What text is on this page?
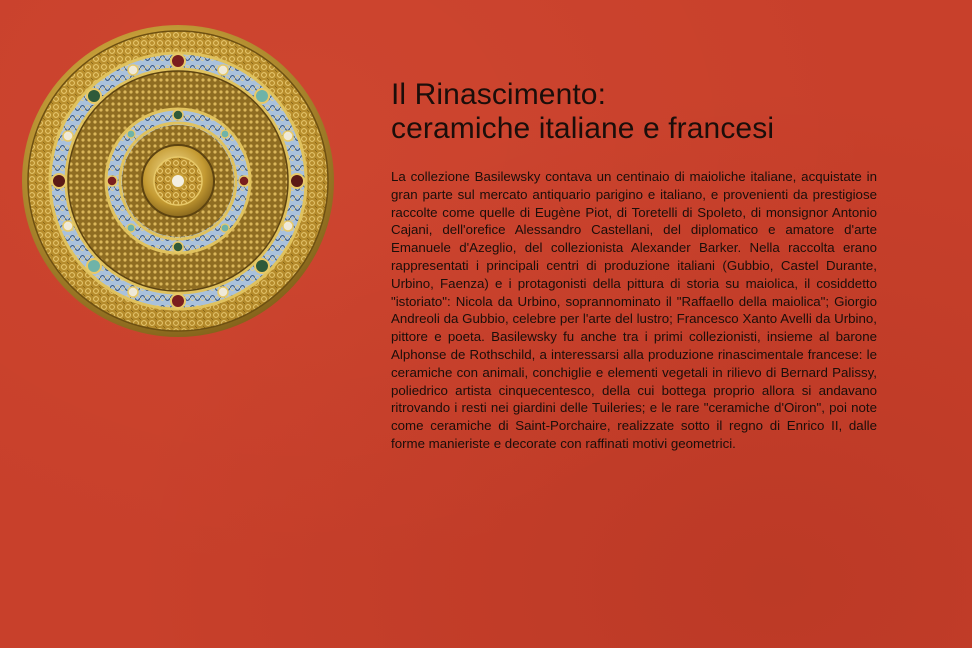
Il Rinascimento:
ceramiche italiane e francesi

La collezione Basilewsky contava un centinaio di maioliche italiane, acquistate in gran parte sul mercato antiquario parigino e italiano, e provenienti da prestigiose raccolte come quelle di Eugène Piot, di Toretelli di Spoleto, di monsignor Antonio Cajani, dell'orefice Alessandro Castellani, del diplomatico e amatore d'arte Emanuele d'Azeglio, del collezionista Alexander Barker. Nella raccolta erano rappresentati i principali centri di produzione italiani (Gubbio, Castel Durante, Urbino, Faenza) e i protagonisti della pittura di storia su maiolica, il cosiddetto "istoriato": Nicola da Urbino, soprannominato il "Raffaello della maiolica"; Giorgio Andreoli da Gubbio, celebre per l'arte del lustro; Francesco Xanto Avelli da Urbino, pittore e poeta. Basilewsky fu anche tra i primi collezionisti, insieme al barone Alphonse de Rothschild, a interessarsi alla produzione rinascimentale francese: le ceramiche con animali, conchiglie e elementi vegetali in rilievo di Bernard Palissy, poliedrico artista cinquecentesco, della cui bottega proprio allora si andavano ritrovando i resti nei giardini delle Tuileries; e le rare "ceramiche d'Oiron", poi note come ceramiche di Saint-Porchaire, realizzate sotto il regno di Enrico II, dalle forme manieriste e decorate con raffinati motivi geometrici.
